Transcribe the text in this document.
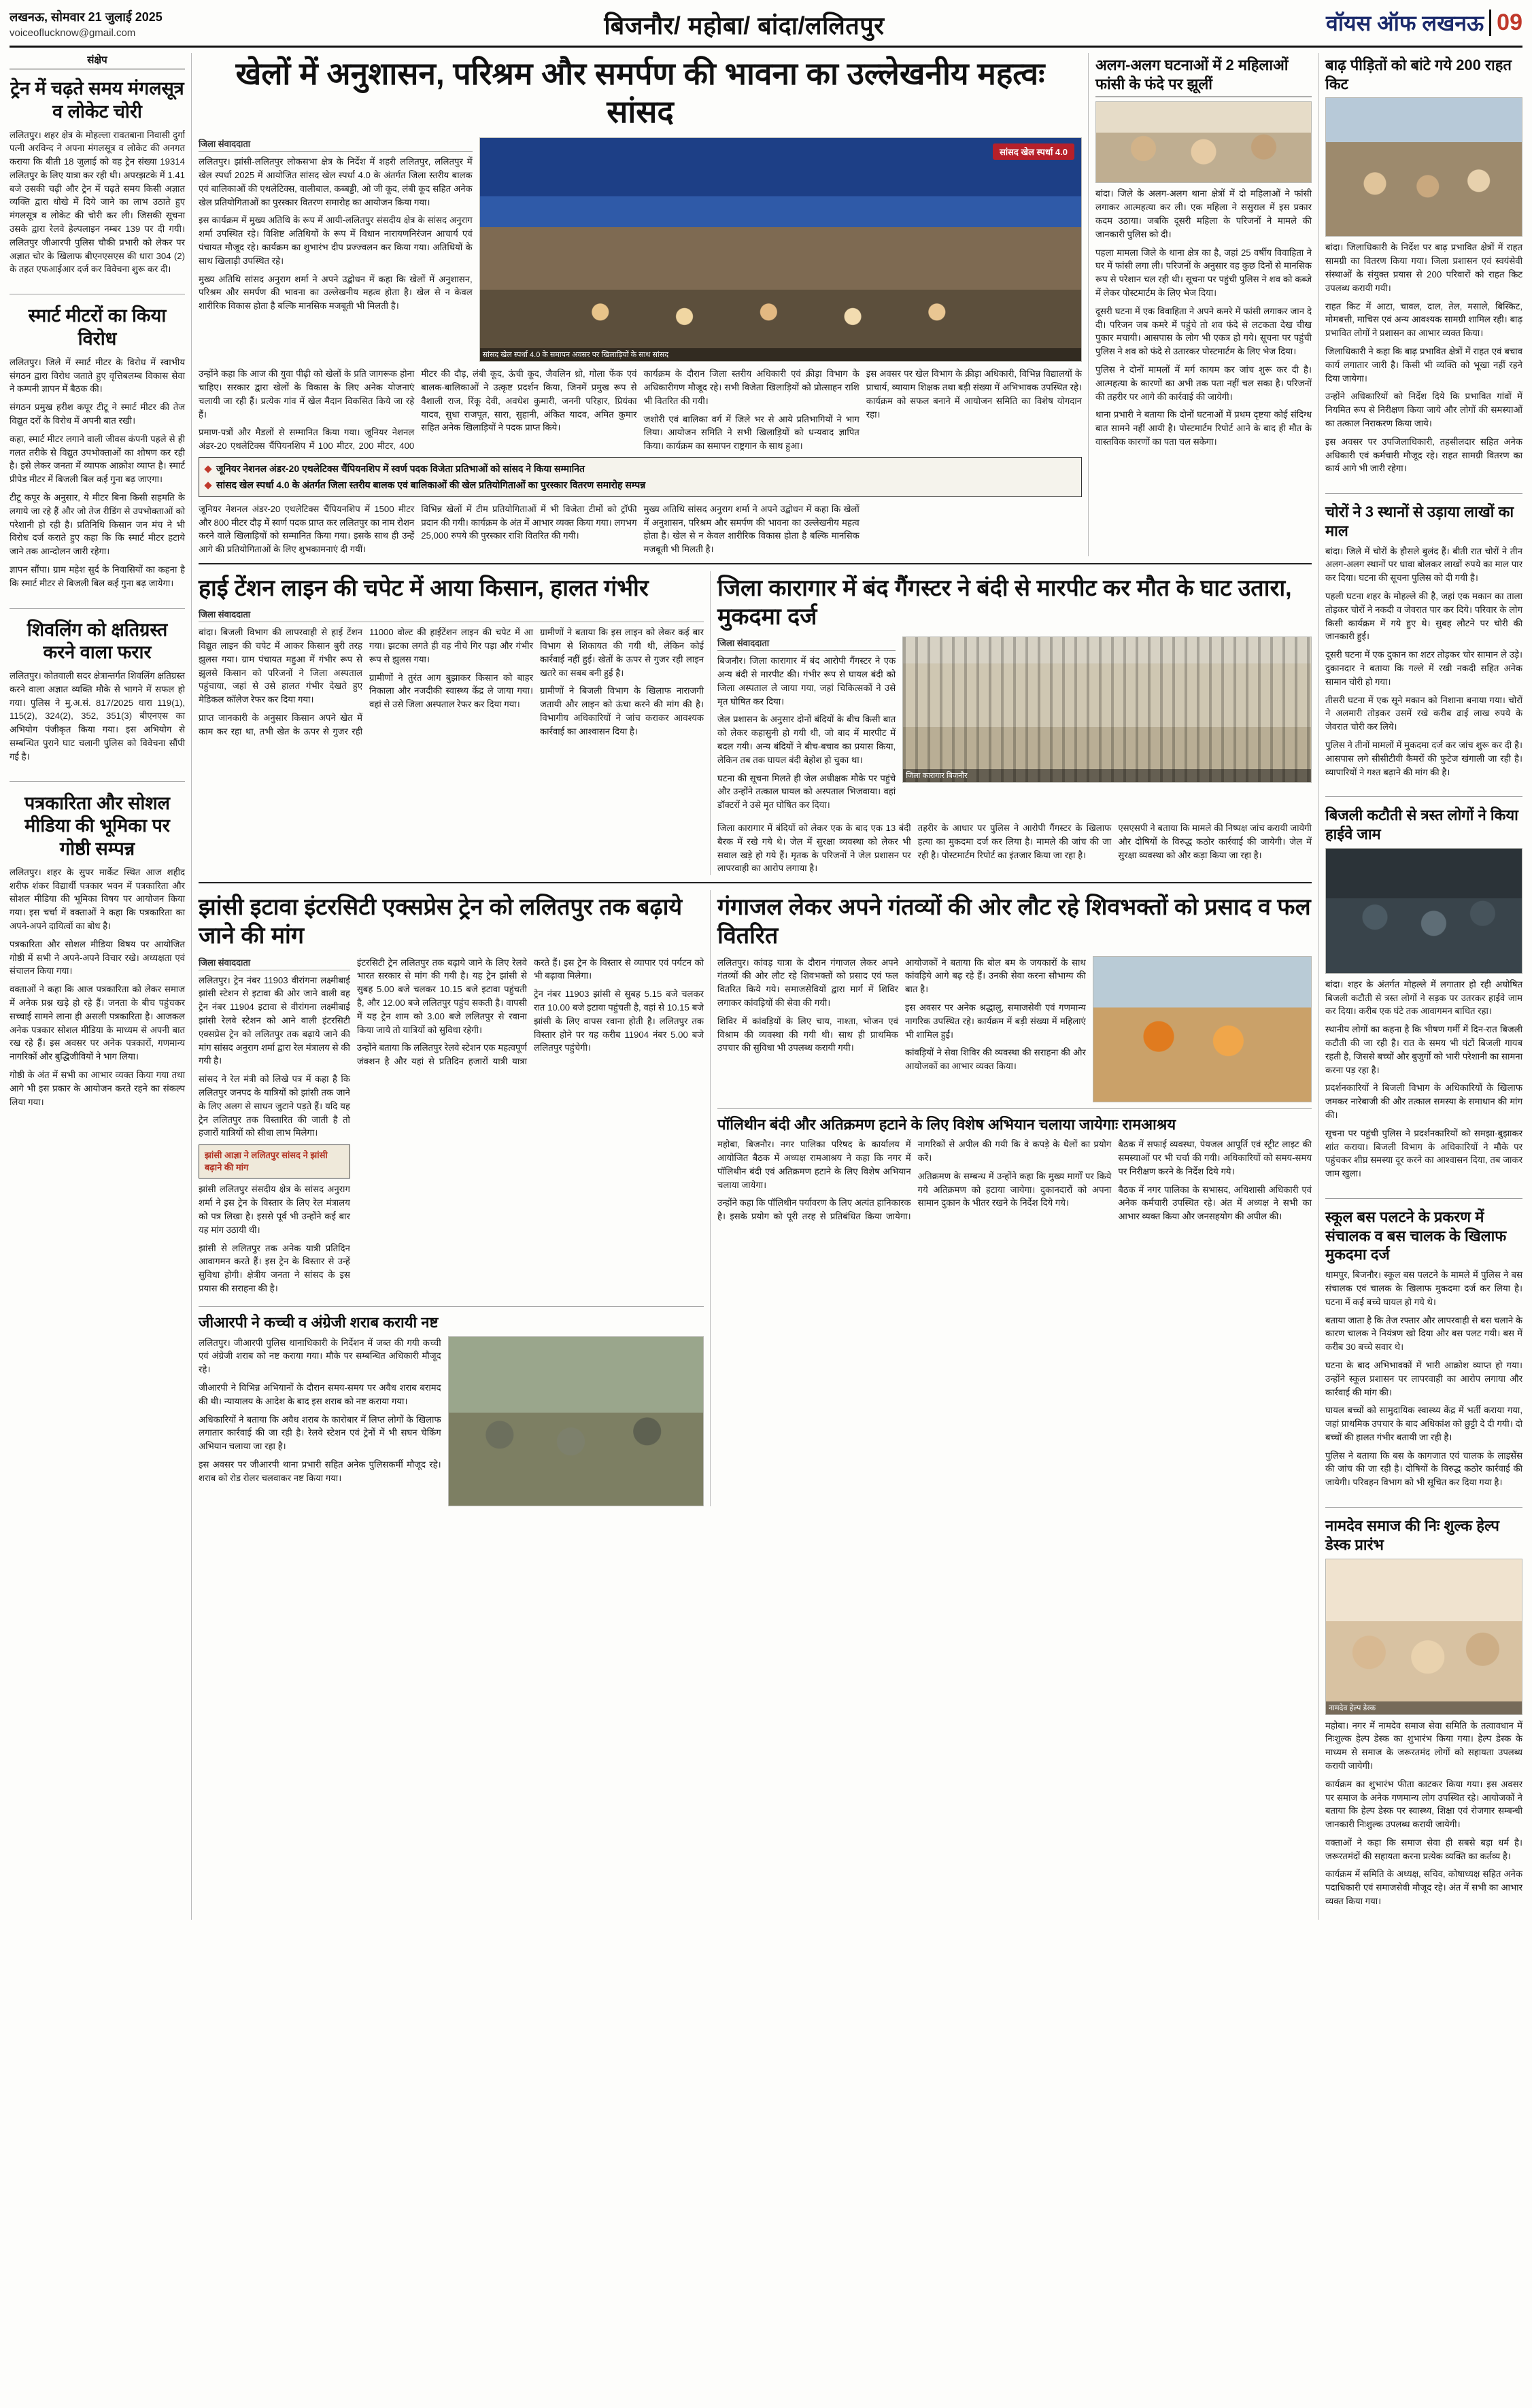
लखनऊ, सोमवार 21 जुलाई 2025
voiceoflucknow@gmail.com	बिजनौर/ महोबा/ बांदा/ललितपुर	वॉयस ऑफ लखनऊ 09
संक्षेप
ट्रेन में चढ़ते समय मंगलसूत्र व लोकेट चोरी

ललितपुर। शहर क्षेत्र के मोहल्ला रावतबाना निवासी दुर्गा पत्नी अरविन्द ने अपना मंगलसूत्र व लोकेट की अनगत कराया कि बीती 18 जुलाई को वह ट्रेन संख्या 19314 ललितपुर के लिए यात्रा कर रही थी। अपरझटके में 1.41 बजे उसकी चढ़ी और ट्रेन में चढ़ते समय किसी अज्ञात व्यक्ति द्वारा धोखे में दिये जाने का लाभ उठाते हुए मंगलसूत्र व लोकेट की चोरी कर ली। जिसकी सूचना उसके द्वारा रेलवे हेल्पलाइन नम्बर 139 पर दी गयी। ललितपुर जीआरपी पुलिस चौकी प्रभारी को लेकर पर अज्ञात चोर के खिलाफ बीएनएसएस की धारा 304 (2) के तहत एफआईआर दर्ज कर विवेचना शुरू कर दी।

स्मार्ट मीटरों का किया विरोध

ललितपुर। जिले में स्मार्ट मीटर के विरोध में स्वाभीय संगठन द्वारा विरोध जताते हुए वृत्तिबलम्ब विकास सेवा ने कम्पनी ज्ञापन में बैठक की।

संगठन प्रमुख हरीश कपूर टीटू ने स्मार्ट मीटर की तेज विद्युत दरों के विरोध में अपनी बात रखी।

कहा, स्मार्ट मीटर लगाने वाली जीवस कंपनी पहले से ही गलत तरीके से विद्युत उपभोक्ताओं का शोषण कर रही है। इसे लेकर जनता में व्यापक आक्रोश व्याप्त है। स्मार्ट प्रीपेड मीटर में बिजली बिल कई गुना बढ़ जाएगा।

टीटू कपूर के अनुसार, ये मीटर बिना किसी सहमति के लगाये जा रहे हैं और जो तेज रीडिंग से उपभोक्ताओं को परेशानी हो रही है। प्रतिनिधि किसान जन मंच ने भी विरोध दर्ज कराते हुए कहा कि कि स्मार्ट मीटर हटाये जाने तक आन्दोलन जारी रहेगा।

ज्ञापन सौंपा। ग्राम महेश सुर्द के निवासियों का कहना है कि स्मार्ट मीटर से बिजली बिल कई गुना बढ़ जायेगा।

शिवलिंग को क्षतिग्रस्त करने वाला फरार

ललितपुर। कोतवाली सदर क्षेत्रान्तर्गत शिवलिंग क्षतिग्रस्त करने वाला अज्ञात व्यक्ति मौके से भागने में सफल हो गया। पुलिस ने मु.अ.सं. 817/2025 धारा 119(1), 115(2), 324(2), 352, 351(3) बीएनएस का अभियोग पंजीकृत किया गया। इस अभियोग से सम्बन्धित पुराने घाट चलानी पुलिस को विवेचना सौंपी गई है।

पत्रकारिता और सोशल मीडिया की भूमिका पर गोष्ठी सम्पन्न

ललितपुर। शहर के सुपर मार्केट स्थित आज शहीद शरीफ शंकर विद्यार्थी पत्रकार भवन में पत्रकारिता और सोशल मीडिया की भूमिका विषय पर आयोजन किया गया। इस चर्चा में वक्ताओं ने कहा कि पत्रकारिता का अपने-अपने दायित्वों का बोध है।

पत्रकारिता और सोशल मीडिया विषय पर आयोजित गोष्ठी में सभी ने अपने-अपने विचार रखे। अध्यक्षता एवं संचालन किया गया।

वक्ताओं ने कहा कि आज पत्रकारिता को लेकर समाज में अनेक प्रश्न खड़े हो रहे हैं। जनता के बीच पहुंचकर सच्चाई सामने लाना ही असली पत्रकारिता है। आजकल अनेक पत्रकार सोशल मीडिया के माध्यम से अपनी बात रख रहे हैं। इस अवसर पर अनेक पत्रकारों, गणमान्य नागरिकों और बुद्धिजीवियों ने भाग लिया।

गोष्ठी के अंत में सभी का आभार व्यक्त किया गया तथा आगे भी इस प्रकार के आयोजन करते रहने का संकल्प लिया गया।

खेलों में अनुशासन, परिश्रम और समर्पण की भावना का उल्लेखनीय महत्वः सांसद
जिला संवाददाता

ललितपुर। झांसी-ललितपुर लोकसभा क्षेत्र के निर्देश में शहरी ललितपुर, ललितपुर में खेल स्पर्धा 2025 में आयोजित सांसद खेल स्पर्धा 4.0 के अंतर्गत जिला स्तरीय बालक एवं बालिकाओं की एथलेटिक्स, वालीबाल, कब्बड्डी, ओ जी कूद, लंबी कूद सहित अनेक खेल प्रतियोगिताओं का पुरस्कार वितरण समारोह का आयोजन किया गया।

इस कार्यक्रम में मुख्य अतिथि के रूप में आयी-ललितपुर संसदीय क्षेत्र के सांसद अनुराग शर्मा उपस्थित रहे। विशिष्ट अतिथियों के रूप में विधान नारायणनिरंजन आचार्य एवं पंचायत मौजूद रहे। कार्यक्रम का शुभारंभ दीप प्रज्ज्वलन कर किया गया। अतिथियों के साथ खिलाड़ी उपस्थित रहे।

मुख्य अतिथि सांसद अनुराग शर्मा ने अपने उद्बोधन में कहा कि खेलों में अनुशासन, परिश्रम और समर्पण की भावना का उल्लेखनीय महत्व होता है। खेल से न केवल शारीरिक विकास होता है बल्कि मानसिक मजबूती भी मिलती है।

सांसद खेल स्पर्धा 4.0
सांसद खेल स्पर्धा 4.0 के समापन अवसर पर खिलाड़ियों के साथ सांसद

उन्होंने कहा कि आज की युवा पीढ़ी को खेलों के प्रति जागरूक होना चाहिए। सरकार द्वारा खेलों के विकास के लिए अनेक योजनाएं चलायी जा रही हैं। प्रत्येक गांव में खेल मैदान विकसित किये जा रहे हैं।

प्रमाण-पत्रों और मैडलों से सम्मानित किया गया। जूनियर नेशनल अंडर-20 एथलेटिक्स चैंपियनशिप में 100 मीटर, 200 मीटर, 400 मीटर की दौड़, लंबी कूद, ऊंची कूद, जैवलिन थ्रो, गोला फेंक एवं बालक-बालिकाओं ने उत्कृष्ट प्रदर्शन किया, जिनमें प्रमुख रूप से वैशाली राज, रिंकू देवी, अवधेश कुमारी, जननी परिहार, प्रियंका यादव, सुधा राजपूत, सारा, सुहानी, अंकित यादव, अमित कुमार सहित अनेक खिलाड़ियों ने पदक प्राप्त किये।

कार्यक्रम के दौरान जिला स्तरीय अधिकारी एवं क्रीड़ा विभाग के अधिकारीगण मौजूद रहे। सभी विजेता खिलाड़ियों को प्रोत्साहन राशि भी वितरित की गयी।

जशोरी एवं बालिका वर्ग में जिले भर से आये प्रतिभागियों ने भाग लिया। आयोजन समिति ने सभी खिलाड़ियों को धन्यवाद ज्ञापित किया। कार्यक्रम का समापन राष्ट्रगान के साथ हुआ।

इस अवसर पर खेल विभाग के क्रीड़ा अधिकारी, विभिन्न विद्यालयों के प्राचार्य, व्यायाम शिक्षक तथा बड़ी संख्या में अभिभावक उपस्थित रहे। कार्यक्रम को सफल बनाने में आयोजन समिति का विशेष योगदान रहा।

जूनियर नेशनल अंडर-20 एथलेटिक्स चैंपियनशिप में स्वर्ण पदक विजेता प्रतिभाओं को सांसद ने किया सम्मानित
सांसद खेल स्पर्धा 4.0 के अंतर्गत जिला स्तरीय बालक एवं बालिकाओं की खेल प्रतियोगिताओं का पुरस्कार वितरण समारोह सम्पन्न

जूनियर नेशनल अंडर-20 एथलेटिक्स चैंपियनशिप में 1500 मीटर और 800 मीटर दौड़ में स्वर्ण पदक प्राप्त कर ललितपुर का नाम रोशन करने वाले खिलाड़ियों को सम्मानित किया गया। इसके साथ ही उन्हें आगे की प्रतियोगिताओं के लिए शुभकामनाएं दी गयीं।

विभिन्न खेलों में टीम प्रतियोगिताओं में भी विजेता टीमों को ट्रॉफी प्रदान की गयी। कार्यक्रम के अंत में आभार व्यक्त किया गया। लगभग 25,000 रुपये की पुरस्कार राशि वितरित की गयी।

मुख्य अतिथि सांसद अनुराग शर्मा ने अपने उद्बोधन में कहा कि खेलों में अनुशासन, परिश्रम और समर्पण की भावना का उल्लेखनीय महत्व होता है। खेल से न केवल शारीरिक विकास होता है बल्कि मानसिक मजबूती भी मिलती है।

अलग-अलग घटनाओं में 2 महिलाओं फांसी के फंदे पर झूलीं

बांदा। जिले के अलग-अलग थाना क्षेत्रों में दो महिलाओं ने फांसी लगाकर आत्महत्या कर ली। एक महिला ने ससुराल में इस प्रकार कदम उठाया। जबकि दूसरी महिला के परिजनों ने मामले की जानकारी पुलिस को दी।

पहला मामला जिले के थाना क्षेत्र का है, जहां 25 वर्षीय विवाहिता ने घर में फांसी लगा ली। परिजनों के अनुसार वह कुछ दिनों से मानसिक रूप से परेशान चल रही थी। सूचना पर पहुंची पुलिस ने शव को कब्जे में लेकर पोस्टमार्टम के लिए भेज दिया।

दूसरी घटना में एक विवाहिता ने अपने कमरे में फांसी लगाकर जान दे दी। परिजन जब कमरे में पहुंचे तो शव फंदे से लटकता देख चीख पुकार मचायी। आसपास के लोग भी एकत्र हो गये। सूचना पर पहुंची पुलिस ने शव को फंदे से उतारकर पोस्टमार्टम के लिए भेज दिया।

पुलिस ने दोनों मामलों में मर्ग कायम कर जांच शुरू कर दी है। आत्महत्या के कारणों का अभी तक पता नहीं चल सका है। परिजनों की तहरीर पर आगे की कार्रवाई की जायेगी।

थाना प्रभारी ने बताया कि दोनों घटनाओं में प्रथम दृष्टया कोई संदिग्ध बात सामने नहीं आयी है। पोस्टमार्टम रिपोर्ट आने के बाद ही मौत के वास्तविक कारणों का पता चल सकेगा।

हाई टेंशन लाइन की चपेट में आया किसान, हालत गंभीर
जिला संवाददाता

बांदा। बिजली विभाग की लापरवाही से हाई टेंशन विद्युत लाइन की चपेट में आकर किसान बुरी तरह झुलस गया। ग्राम पंचायत महुआ में गंभीर रूप से झुलसे किसान को परिजनों ने जिला अस्पताल पहुंचाया, जहां से उसे हालत गंभीर देखते हुए मेडिकल कॉलेज रेफर कर दिया गया।

प्राप्त जानकारी के अनुसार किसान अपने खेत में काम कर रहा था, तभी खेत के ऊपर से गुजर रही 11000 वोल्ट की हाईटेंशन लाइन की चपेट में आ गया। झटका लगते ही वह नीचे गिर पड़ा और गंभीर रूप से झुलस गया।

ग्रामीणों ने तुरंत आग बुझाकर किसान को बाहर निकाला और नजदीकी स्वास्थ्य केंद्र ले जाया गया। वहां से उसे जिला अस्पताल रेफर कर दिया गया।

ग्रामीणों ने बताया कि इस लाइन को लेकर कई बार विभाग से शिकायत की गयी थी, लेकिन कोई कार्रवाई नहीं हुई। खेतों के ऊपर से गुजर रही लाइन खतरे का सबब बनी हुई है।

ग्रामीणों ने बिजली विभाग के खिलाफ नाराजगी जतायी और लाइन को ऊंचा करने की मांग की है। विभागीय अधिकारियों ने जांच कराकर आवश्यक कार्रवाई का आश्वासन दिया है।

जिला कारागार में बंद गैंगस्टर ने बंदी से मारपीट कर मौत के घाट उतारा, मुकदमा दर्ज
जिला संवाददाता

बिजनौर। जिला कारागार में बंद आरोपी गैंगस्टर ने एक अन्य बंदी से मारपीट की। गंभीर रूप से घायल बंदी को जिला अस्पताल ले जाया गया, जहां चिकित्सकों ने उसे मृत घोषित कर दिया।

जेल प्रशासन के अनुसार दोनों बंदियों के बीच किसी बात को लेकर कहासुनी हो गयी थी, जो बाद में मारपीट में बदल गयी। अन्य बंदियों ने बीच-बचाव का प्रयास किया, लेकिन तब तक घायल बंदी बेहोश हो चुका था।

घटना की सूचना मिलते ही जेल अधीक्षक मौके पर पहुंचे और उन्होंने तत्काल घायल को अस्पताल भिजवाया। वहां डॉक्टरों ने उसे मृत घोषित कर दिया।

जिला कारागार बिजनौर

जिला कारागार में बंदियों को लेकर एक के बाद एक 13 बंदी बैरक में रखे गये थे। जेल में सुरक्षा व्यवस्था को लेकर भी सवाल खड़े हो गये हैं। मृतक के परिजनों ने जेल प्रशासन पर लापरवाही का आरोप लगाया है।

तहरीर के आधार पर पुलिस ने आरोपी गैंगस्टर के खिलाफ हत्या का मुकदमा दर्ज कर लिया है। मामले की जांच की जा रही है। पोस्टमार्टम रिपोर्ट का इंतजार किया जा रहा है।

एसएसपी ने बताया कि मामले की निष्पक्ष जांच करायी जायेगी और दोषियों के विरुद्ध कठोर कार्रवाई की जायेगी। जेल में सुरक्षा व्यवस्था को और कड़ा किया जा रहा है।

झांसी इटावा इंटरसिटी एक्सप्रेस ट्रेन को ललितपुर तक बढ़ाये जाने की मांग
जिला संवाददाता

ललितपुर। ट्रेन नंबर 11903 वीरांगना लक्ष्मीबाई झांसी स्टेशन से इटावा की ओर जाने वाली वह ट्रेन नंबर 11904 इटावा से वीरांगना लक्ष्मीबाई झांसी रेलवे स्टेशन को आने वाली इंटरसिटी एक्सप्रेस ट्रेन को ललितपुर तक बढ़ाये जाने की मांग सांसद अनुराग शर्मा द्वारा रेल मंत्रालय से की गयी है।

सांसद ने रेल मंत्री को लिखे पत्र में कहा है कि ललितपुर जनपद के यात्रियों को झांसी तक जाने के लिए अलग से साधन जुटाने पड़ते हैं। यदि यह ट्रेन ललितपुर तक विस्तारित की जाती है तो हजारों यात्रियों को सीधा लाभ मिलेगा।

झांसी आज्ञा ने ललितपुर सांसद ने झांसी बढ़ाने की मांग

झांसी ललितपुर संसदीय क्षेत्र के सांसद अनुराग शर्मा ने इस ट्रेन के विस्तार के लिए रेल मंत्रालय को पत्र लिखा है। इससे पूर्व भी उन्होंने कई बार यह मांग उठायी थी।

झांसी से ललितपुर तक अनेक यात्री प्रतिदिन आवागमन करते हैं। इस ट्रेन के विस्तार से उन्हें सुविधा होगी। क्षेत्रीय जनता ने सांसद के इस प्रयास की सराहना की है।

इंटरसिटी ट्रेन ललितपुर तक बढ़ाये जाने के लिए रेलवे भारत सरकार से मांग की गयी है। यह ट्रेन झांसी से सुबह 5.00 बजे चलकर 10.15 बजे इटावा पहुंचती है, और 12.00 बजे ललितपुर पहुंच सकती है। वापसी में यह ट्रेन शाम को 3.00 बजे ललितपुर से रवाना किया जाये तो यात्रियों को सुविधा रहेगी।

उन्होंने बताया कि ललितपुर रेलवे स्टेशन एक महत्वपूर्ण जंक्शन है और यहां से प्रतिदिन हजारों यात्री यात्रा करते हैं। इस ट्रेन के विस्तार से व्यापार एवं पर्यटन को भी बढ़ावा मिलेगा।

ट्रेन नंबर 11903 झांसी से सुबह 5.15 बजे चलकर रात 10.00 बजे इटावा पहुंचती है, वहां से 10.15 बजे झांसी के लिए वापस रवाना होती है। ललितपुर तक विस्तार होने पर यह करीब 11904 नंबर 5.00 बजे ललितपुर पहुंचेगी।

जीआरपी ने कच्ची व अंग्रेजी शराब करायी नष्ट

ललितपुर। जीआरपी पुलिस थानाधिकारी के निर्देशन में जब्त की गयी कच्ची एवं अंग्रेजी शराब को नष्ट कराया गया। मौके पर सम्बन्धित अधिकारी मौजूद रहे।

जीआरपी ने विभिन्न अभियानों के दौरान समय-समय पर अवैध शराब बरामद की थी। न्यायालय के आदेश के बाद इस शराब को नष्ट कराया गया।

अधिकारियों ने बताया कि अवैध शराब के कारोबार में लिप्त लोगों के खिलाफ लगातार कार्रवाई की जा रही है। रेलवे स्टेशन एवं ट्रेनों में भी सघन चेकिंग अभियान चलाया जा रहा है।

इस अवसर पर जीआरपी थाना प्रभारी सहित अनेक पुलिसकर्मी मौजूद रहे। शराब को रोड रोलर चलवाकर नष्ट किया गया।

गंगाजल लेकर अपने गंतव्यों की ओर लौट रहे शिवभक्तों को प्रसाद व फल वितरित

ललितपुर। कांवड़ यात्रा के दौरान गंगाजल लेकर अपने गंतव्यों की ओर लौट रहे शिवभक्तों को प्रसाद एवं फल वितरित किये गये। समाजसेवियों द्वारा मार्ग में शिविर लगाकर कांवड़ियों की सेवा की गयी।

शिविर में कांवड़ियों के लिए चाय, नाश्ता, भोजन एवं विश्राम की व्यवस्था की गयी थी। साथ ही प्राथमिक उपचार की सुविधा भी उपलब्ध करायी गयी।

आयोजकों ने बताया कि बोल बम के जयकारों के साथ कांवड़िये आगे बढ़ रहे हैं। उनकी सेवा करना सौभाग्य की बात है।

इस अवसर पर अनेक श्रद्धालु, समाजसेवी एवं गणमान्य नागरिक उपस्थित रहे। कार्यक्रम में बड़ी संख्या में महिलाएं भी शामिल हुईं।

कांवड़ियों ने सेवा शिविर की व्यवस्था की सराहना की और आयोजकों का आभार व्यक्त किया।

पॉलिथीन बंदी और अतिक्रमण हटाने के लिए विशेष अभियान चलाया जायेगाः रामआश्रय

महोबा, बिजनौर। नगर पालिका परिषद के कार्यालय में आयोजित बैठक में अध्यक्ष रामआश्रय ने कहा कि नगर में पॉलिथीन बंदी एवं अतिक्रमण हटाने के लिए विशेष अभियान चलाया जायेगा।

उन्होंने कहा कि पॉलिथीन पर्यावरण के लिए अत्यंत हानिकारक है। इसके प्रयोग को पूरी तरह से प्रतिबंधित किया जायेगा। नागरिकों से अपील की गयी कि वे कपड़े के थैलों का प्रयोग करें।

अतिक्रमण के सम्बन्ध में उन्होंने कहा कि मुख्य मार्गों पर किये गये अतिक्रमण को हटाया जायेगा। दुकानदारों को अपना सामान दुकान के भीतर रखने के निर्देश दिये गये।

बैठक में सफाई व्यवस्था, पेयजल आपूर्ति एवं स्ट्रीट लाइट की समस्याओं पर भी चर्चा की गयी। अधिकारियों को समय-समय पर निरीक्षण करने के निर्देश दिये गये।

बैठक में नगर पालिका के सभासद, अधिशासी अधिकारी एवं अनेक कर्मचारी उपस्थित रहे। अंत में अध्यक्ष ने सभी का आभार व्यक्त किया और जनसहयोग की अपील की।

बाढ़ पीड़ितों को बांटे गये 200 राहत किट

बांदा। जिलाधिकारी के निर्देश पर बाढ़ प्रभावित क्षेत्रों में राहत सामग्री का वितरण किया गया। जिला प्रशासन एवं स्वयंसेवी संस्थाओं के संयुक्त प्रयास से 200 परिवारों को राहत किट उपलब्ध करायी गयी।

राहत किट में आटा, चावल, दाल, तेल, मसाले, बिस्किट, मोमबत्ती, माचिस एवं अन्य आवश्यक सामग्री शामिल रही। बाढ़ प्रभावित लोगों ने प्रशासन का आभार व्यक्त किया।

जिलाधिकारी ने कहा कि बाढ़ प्रभावित क्षेत्रों में राहत एवं बचाव कार्य लगातार जारी है। किसी भी व्यक्ति को भूखा नहीं रहने दिया जायेगा।

उन्होंने अधिकारियों को निर्देश दिये कि प्रभावित गांवों में नियमित रूप से निरीक्षण किया जाये और लोगों की समस्याओं का तत्काल निराकरण किया जाये।

इस अवसर पर उपजिलाधिकारी, तहसीलदार सहित अनेक अधिकारी एवं कर्मचारी मौजूद रहे। राहत सामग्री वितरण का कार्य आगे भी जारी रहेगा।

चोरों ने 3 स्थानों से उड़ाया लाखों का माल

बांदा। जिले में चोरों के हौसले बुलंद हैं। बीती रात चोरों ने तीन अलग-अलग स्थानों पर धावा बोलकर लाखों रुपये का माल पार कर दिया। घटना की सूचना पुलिस को दी गयी है।

पहली घटना शहर के मोहल्ले की है, जहां एक मकान का ताला तोड़कर चोरों ने नकदी व जेवरात पार कर दिये। परिवार के लोग किसी कार्यक्रम में गये हुए थे। सुबह लौटने पर चोरी की जानकारी हुई।

दूसरी घटना में एक दुकान का शटर तोड़कर चोर सामान ले उड़े। दुकानदार ने बताया कि गल्ले में रखी नकदी सहित अनेक सामान चोरी हो गया।

तीसरी घटना में एक सूने मकान को निशाना बनाया गया। चोरों ने अलमारी तोड़कर उसमें रखे करीब ढाई लाख रुपये के जेवरात चोरी कर लिये।

पुलिस ने तीनों मामलों में मुकदमा दर्ज कर जांच शुरू कर दी है। आसपास लगे सीसीटीवी कैमरों की फुटेज खंगाली जा रही है। व्यापारियों ने गश्त बढ़ाने की मांग की है।

बिजली कटौती से त्रस्त लोगों ने किया हाईवे जाम

बांदा। शहर के अंतर्गत मोहल्ले में लगातार हो रही अघोषित बिजली कटौती से त्रस्त लोगों ने सड़क पर उतरकर हाईवे जाम कर दिया। करीब एक घंटे तक आवागमन बाधित रहा।

स्थानीय लोगों का कहना है कि भीषण गर्मी में दिन-रात बिजली कटौती की जा रही है। रात के समय भी घंटों बिजली गायब रहती है, जिससे बच्चों और बुजुर्गों को भारी परेशानी का सामना करना पड़ रहा है।

प्रदर्शनकारियों ने बिजली विभाग के अधिकारियों के खिलाफ जमकर नारेबाजी की और तत्काल समस्या के समाधान की मांग की।

सूचना पर पहुंची पुलिस ने प्रदर्शनकारियों को समझा-बुझाकर शांत कराया। बिजली विभाग के अधिकारियों ने मौके पर पहुंचकर शीघ्र समस्या दूर करने का आश्वासन दिया, तब जाकर जाम खुला।

स्कूल बस पलटने के प्रकरण में संचालक व बस चालक के खिलाफ मुकदमा दर्ज

धामपुर, बिजनौर। स्कूल बस पलटने के मामले में पुलिस ने बस संचालक एवं चालक के खिलाफ मुकदमा दर्ज कर लिया है। घटना में कई बच्चे घायल हो गये थे।

बताया जाता है कि तेज रफ्तार और लापरवाही से बस चलाने के कारण चालक ने नियंत्रण खो दिया और बस पलट गयी। बस में करीब 30 बच्चे सवार थे।

घटना के बाद अभिभावकों में भारी आक्रोश व्याप्त हो गया। उन्होंने स्कूल प्रशासन पर लापरवाही का आरोप लगाया और कार्रवाई की मांग की।

घायल बच्चों को सामुदायिक स्वास्थ्य केंद्र में भर्ती कराया गया, जहां प्राथमिक उपचार के बाद अधिकांश को छुट्टी दे दी गयी। दो बच्चों की हालत गंभीर बतायी जा रही है।

पुलिस ने बताया कि बस के कागजात एवं चालक के लाइसेंस की जांच की जा रही है। दोषियों के विरुद्ध कठोर कार्रवाई की जायेगी। परिवहन विभाग को भी सूचित कर दिया गया है।

नामदेव समाज की निः शुल्क हेल्प डेस्क प्रारंभ
नामदेव हेल्प डेस्क

महोबा। नगर में नामदेव समाज सेवा समिति के तत्वावधान में निःशुल्क हेल्प डेस्क का शुभारंभ किया गया। हेल्प डेस्क के माध्यम से समाज के जरूरतमंद लोगों को सहायता उपलब्ध करायी जायेगी।

कार्यक्रम का शुभारंभ फीता काटकर किया गया। इस अवसर पर समाज के अनेक गणमान्य लोग उपस्थित रहे। आयोजकों ने बताया कि हेल्प डेस्क पर स्वास्थ्य, शिक्षा एवं रोजगार सम्बन्धी जानकारी निःशुल्क उपलब्ध करायी जायेगी।

वक्ताओं ने कहा कि समाज सेवा ही सबसे बड़ा धर्म है। जरूरतमंदों की सहायता करना प्रत्येक व्यक्ति का कर्तव्य है।

कार्यक्रम में समिति के अध्यक्ष, सचिव, कोषाध्यक्ष सहित अनेक पदाधिकारी एवं समाजसेवी मौजूद रहे। अंत में सभी का आभार व्यक्त किया गया।
